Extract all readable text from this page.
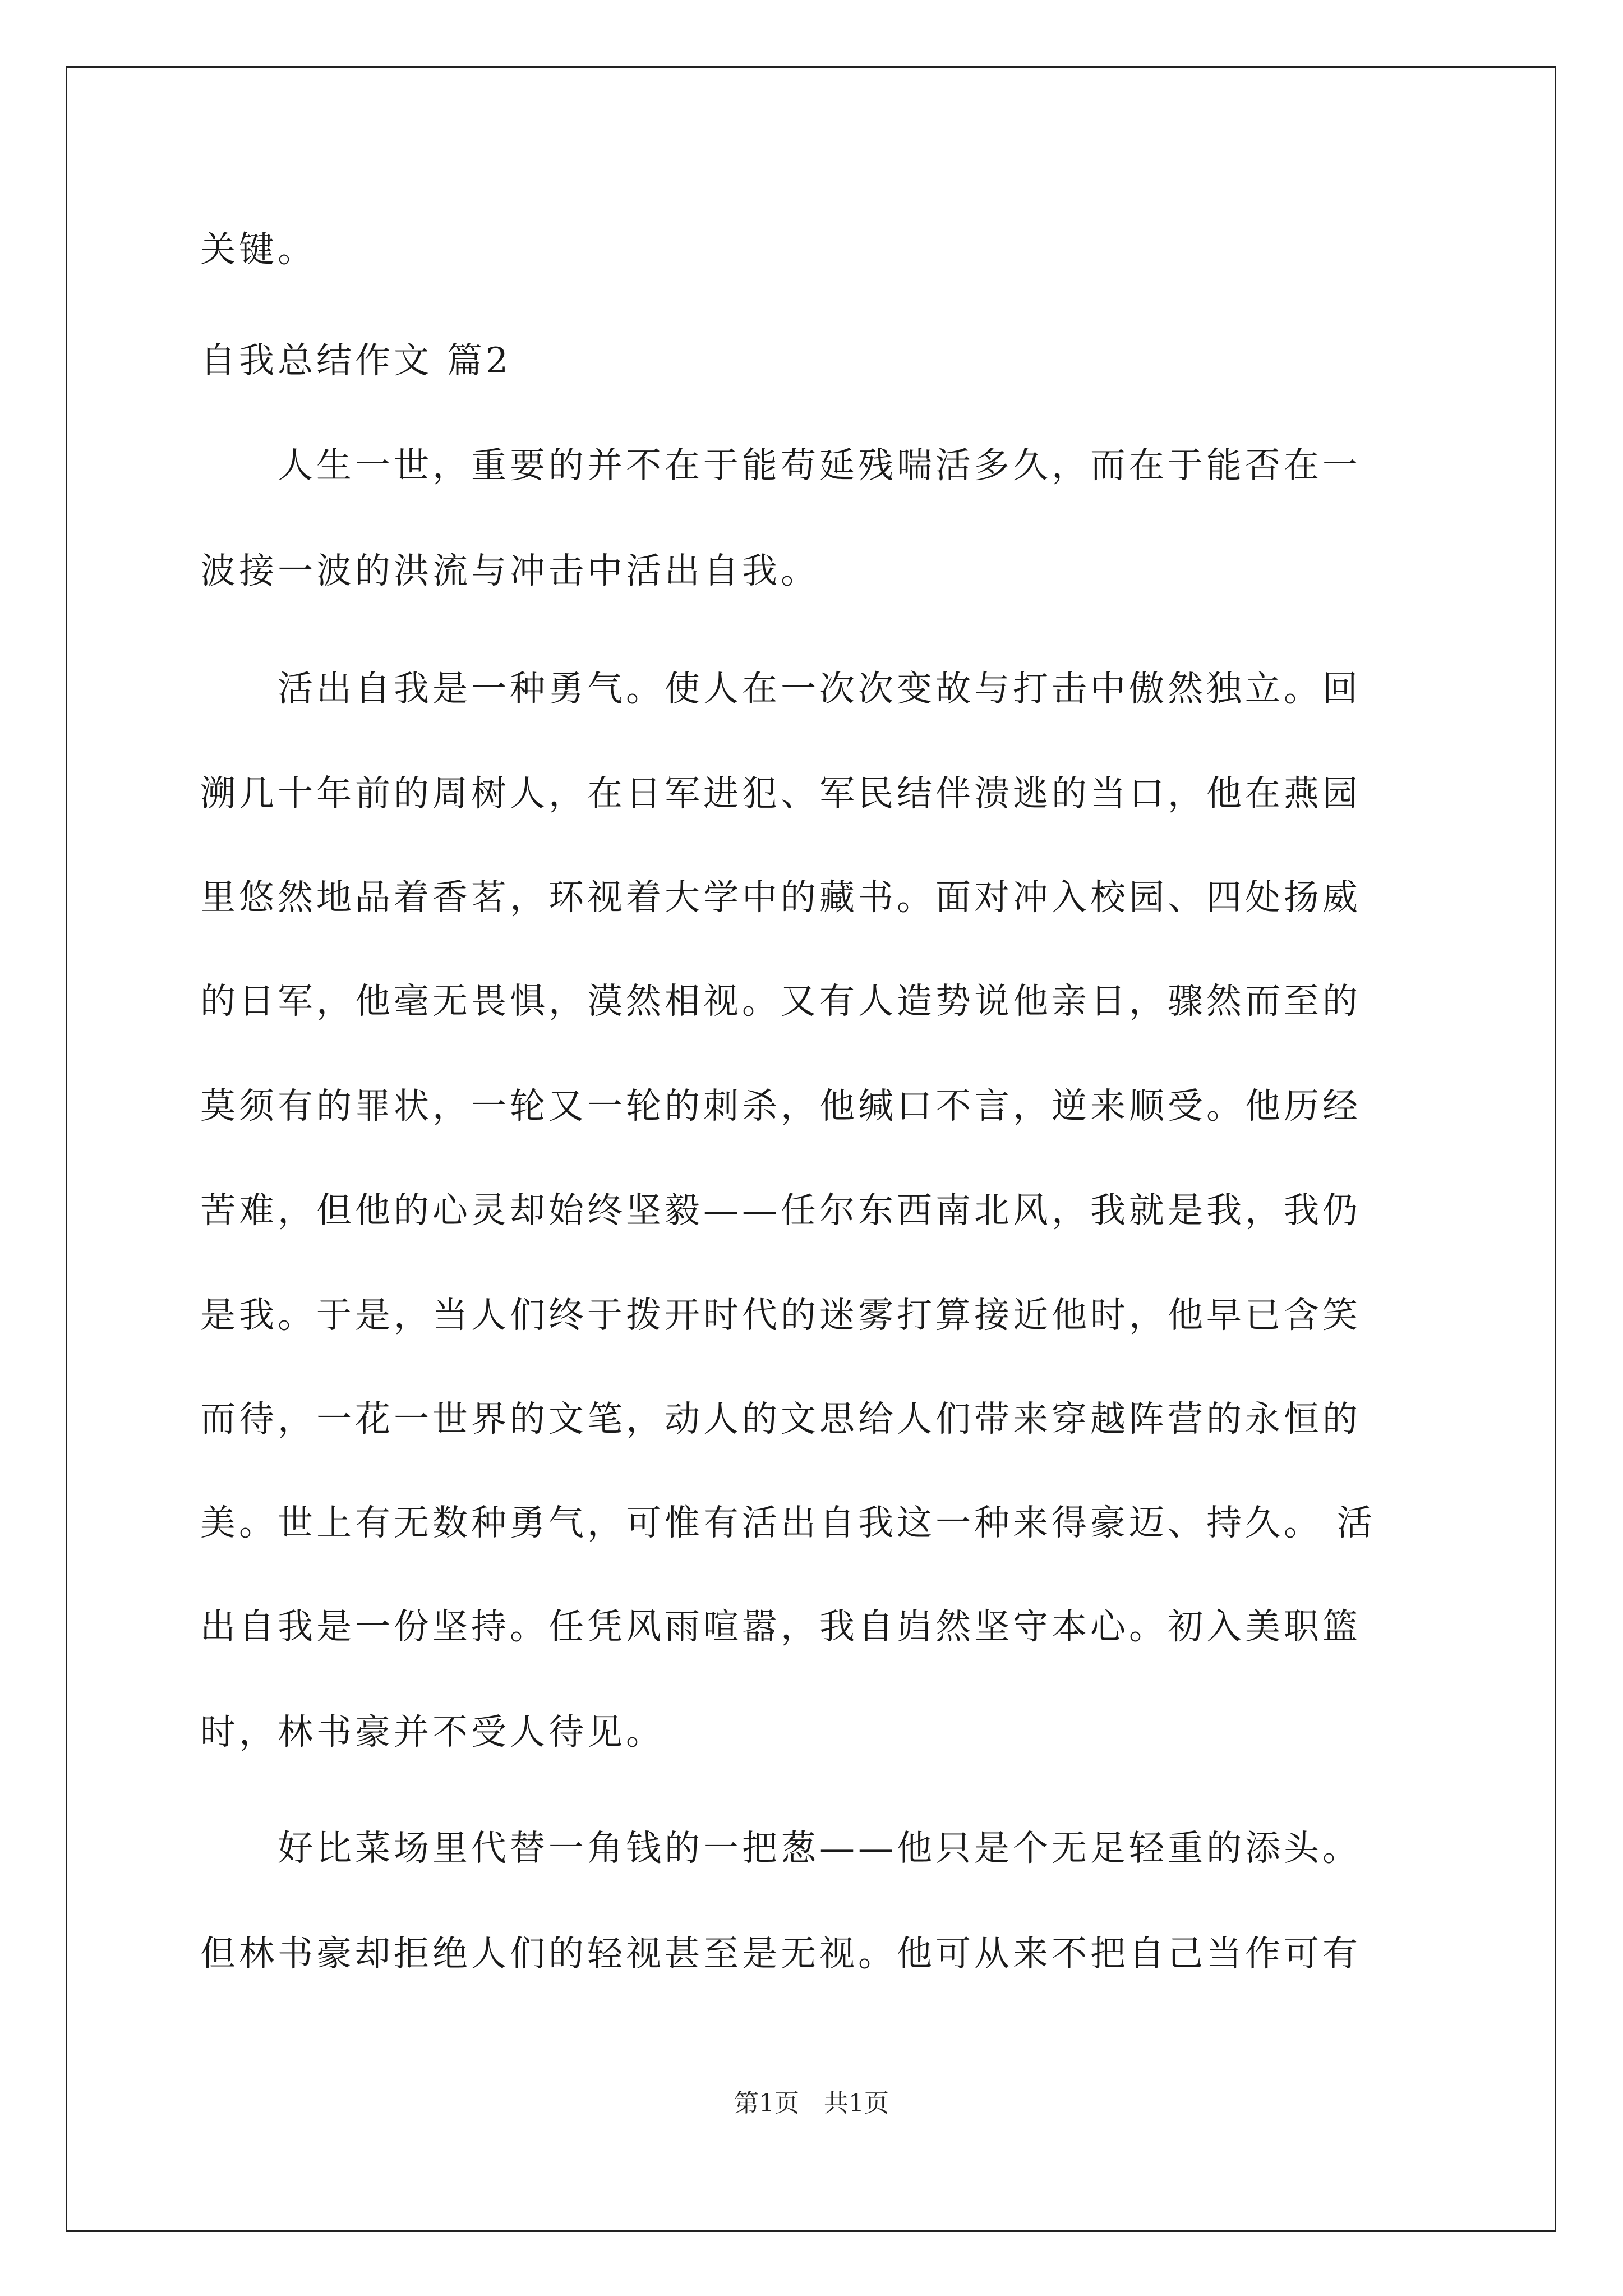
关键。
自我总结作文 篇2
　　人生一世，重要的并不在于能苟延残喘活多久，而在于能否在一
波接一波的洪流与冲击中活出自我。
　　活出自我是一种勇气。使人在一次次变故与打击中傲然独立。回
溯几十年前的周树人，在日军进犯、军民结伴溃逃的当口，他在燕园
里悠然地品着香茗，环视着大学中的藏书。面对冲入校园、四处扬威
的日军，他毫无畏惧，漠然相视。又有人造势说他亲日，骤然而至的
莫须有的罪状，一轮又一轮的刺杀，他缄口不言，逆来顺受。他历经
苦难，但他的心灵却始终坚毅——任尔东西南北风，我就是我，我仍
是我。于是，当人们终于拨开时代的迷雾打算接近他时，他早已含笑
而待，一花一世界的文笔，动人的文思给人们带来穿越阵营的永恒的
美。世上有无数种勇气，可惟有活出自我这一种来得豪迈、持久。 活
出自我是一份坚持。任凭风雨喧嚣，我自岿然坚守本心。初入美职篮
时，林书豪并不受人待见。
　　好比菜场里代替一角钱的一把葱——他只是个无足轻重的添头。
但林书豪却拒绝人们的轻视甚至是无视。他可从来不把自己当作可有
第1页　共1页
